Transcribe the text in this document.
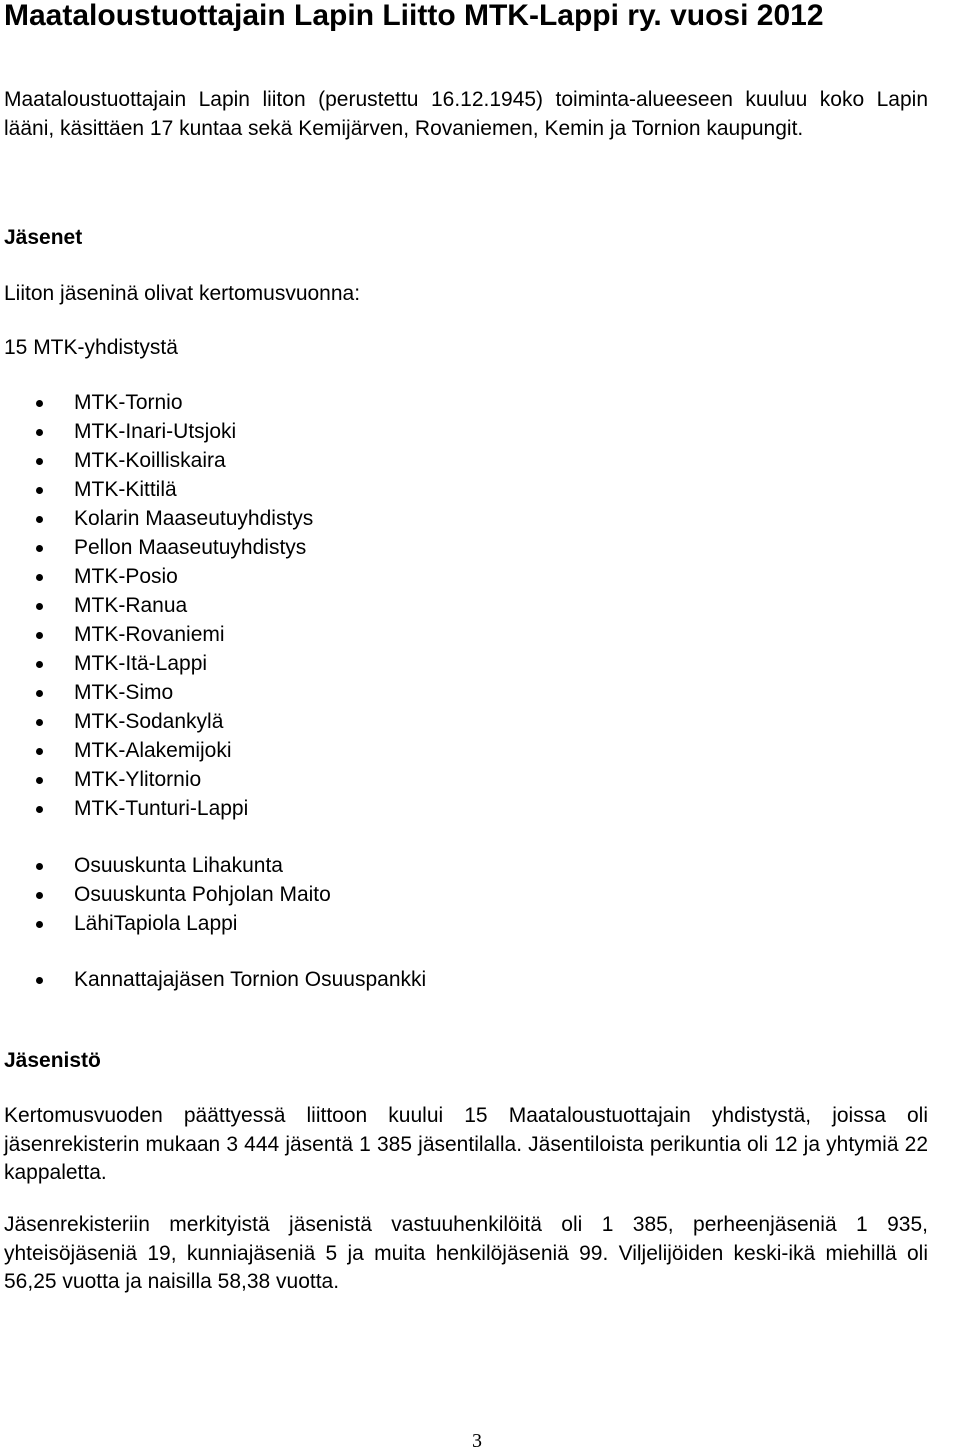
Maataloustuottajain Lapin Liitto MTK-Lappi ry. vuosi 2012

Maataloustuottajain Lapin liiton (perustettu 16.12.1945) toiminta-alueeseen kuuluu koko Lapin lääni, käsittäen 17 kuntaa sekä Kemijärven, Rovaniemen, Kemin ja Tornion kaupungit.

Jäsenet

Liiton jäseninä olivat kertomusvuonna:

15 MTK-yhdistystä

MTK-Tornio
MTK-Inari-Utsjoki
MTK-Koilliskaira
MTK-Kittilä
Kolarin Maaseutuyhdistys
Pellon Maaseutuyhdistys
MTK-Posio
MTK-Ranua
MTK-Rovaniemi
MTK-Itä-Lappi
MTK-Simo
MTK-Sodankylä
MTK-Alakemijoki
MTK-Ylitornio
MTK-Tunturi-Lappi
Osuuskunta Lihakunta
Osuuskunta Pohjolan Maito
LähiTapiola Lappi
Kannattajajäsen Tornion Osuuspankki
Jäsenistö

Kertomusvuoden päättyessä liittoon kuului 15 Maataloustuottajain yhdistystä, joissa oli jäsenrekisterin mukaan 3 444 jäsentä 1 385 jäsentilalla. Jäsentiloista perikuntia oli 12 ja yhtymiä 22 kappaletta.

Jäsenrekisteriin merkityistä jäsenistä vastuuhenkilöitä oli 1 385, perheenjäseniä 1 935, yhteisöjäseniä 19, kunniajäseniä 5 ja muita henkilöjäseniä 99. Viljelijöiden keski-ikä miehillä oli 56,25 vuotta ja naisilla 58,38 vuotta.

3
